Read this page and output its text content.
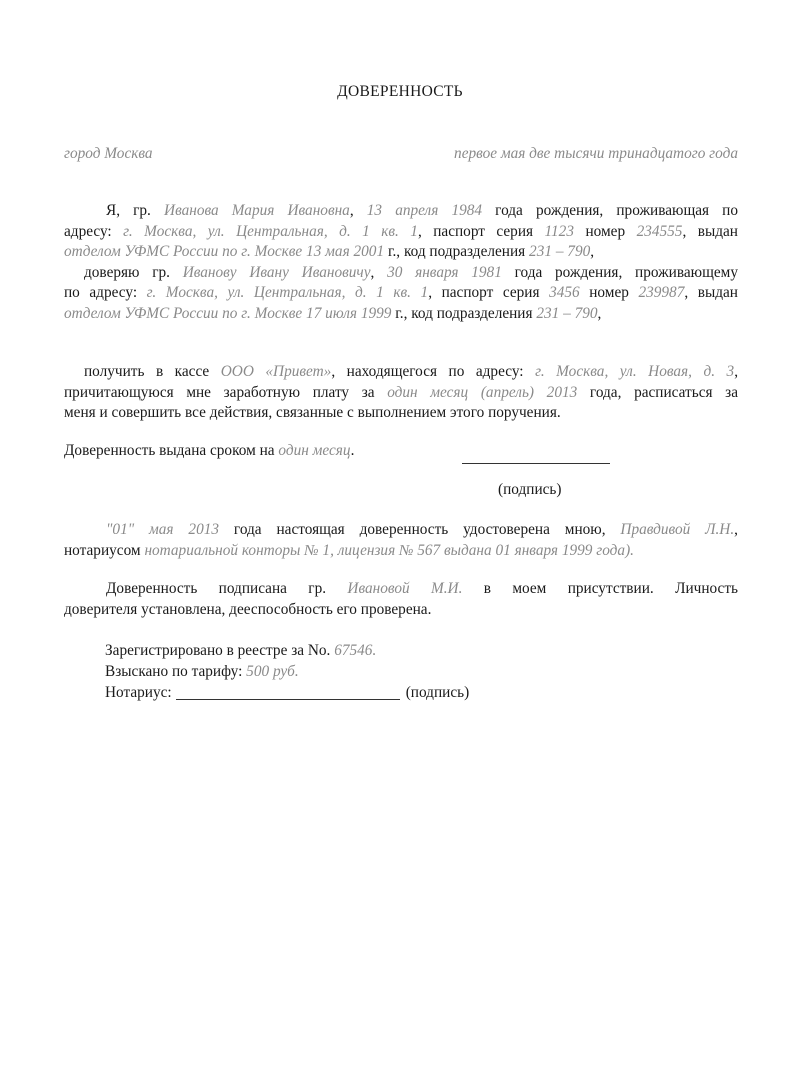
ДОВЕРЕННОСТЬ
город Москва	первое мая две тысячи тринадцатого года
Я, гр. Иванова Мария Ивановна, 13 апреля 1984 года рождения, проживающая по
адресу: г. Москва, ул. Центральная, д. 1 кв. 1, паспорт серия 1123 номер 234555, выдан
отделом УФМС России по г. Москве 13 мая 2001 г., код подразделения 231 – 790,
доверяю гр. Иванову Ивану Ивановичу, 30 января 1981 года рождения, проживающему
по адресу: г. Москва, ул. Центральная, д. 1 кв. 1, паспорт серия 3456 номер 239987, выдан
отделом УФМС России по г. Москве 17 июля 1999 г., код подразделения 231 – 790,
получить в кассе ООО «Привет», находящегося по адресу: г. Москва, ул. Новая, д. 3,
причитающуюся мне заработную плату за один месяц (апрель) 2013 года, расписаться за
меня и совершить все действия, связанные с выполнением этого поручения.
Доверенность выдана сроком на один месяц.
(подпись)
"01" мая 2013 года настоящая доверенность удостоверена мною, Правдивой Л.Н.,
нотариусом нотариальной конторы № 1, лицензия № 567 выдана 01 января 1999 года).
Доверенность подписана гр. Ивановой М.И. в моем присутствии. Личность
доверителя установлена, дееспособность его проверена.
Зарегистрировано в реестре за No. 67546.
Взыскано по тарифу: 500 руб.
Нотариус:	(подпись)
